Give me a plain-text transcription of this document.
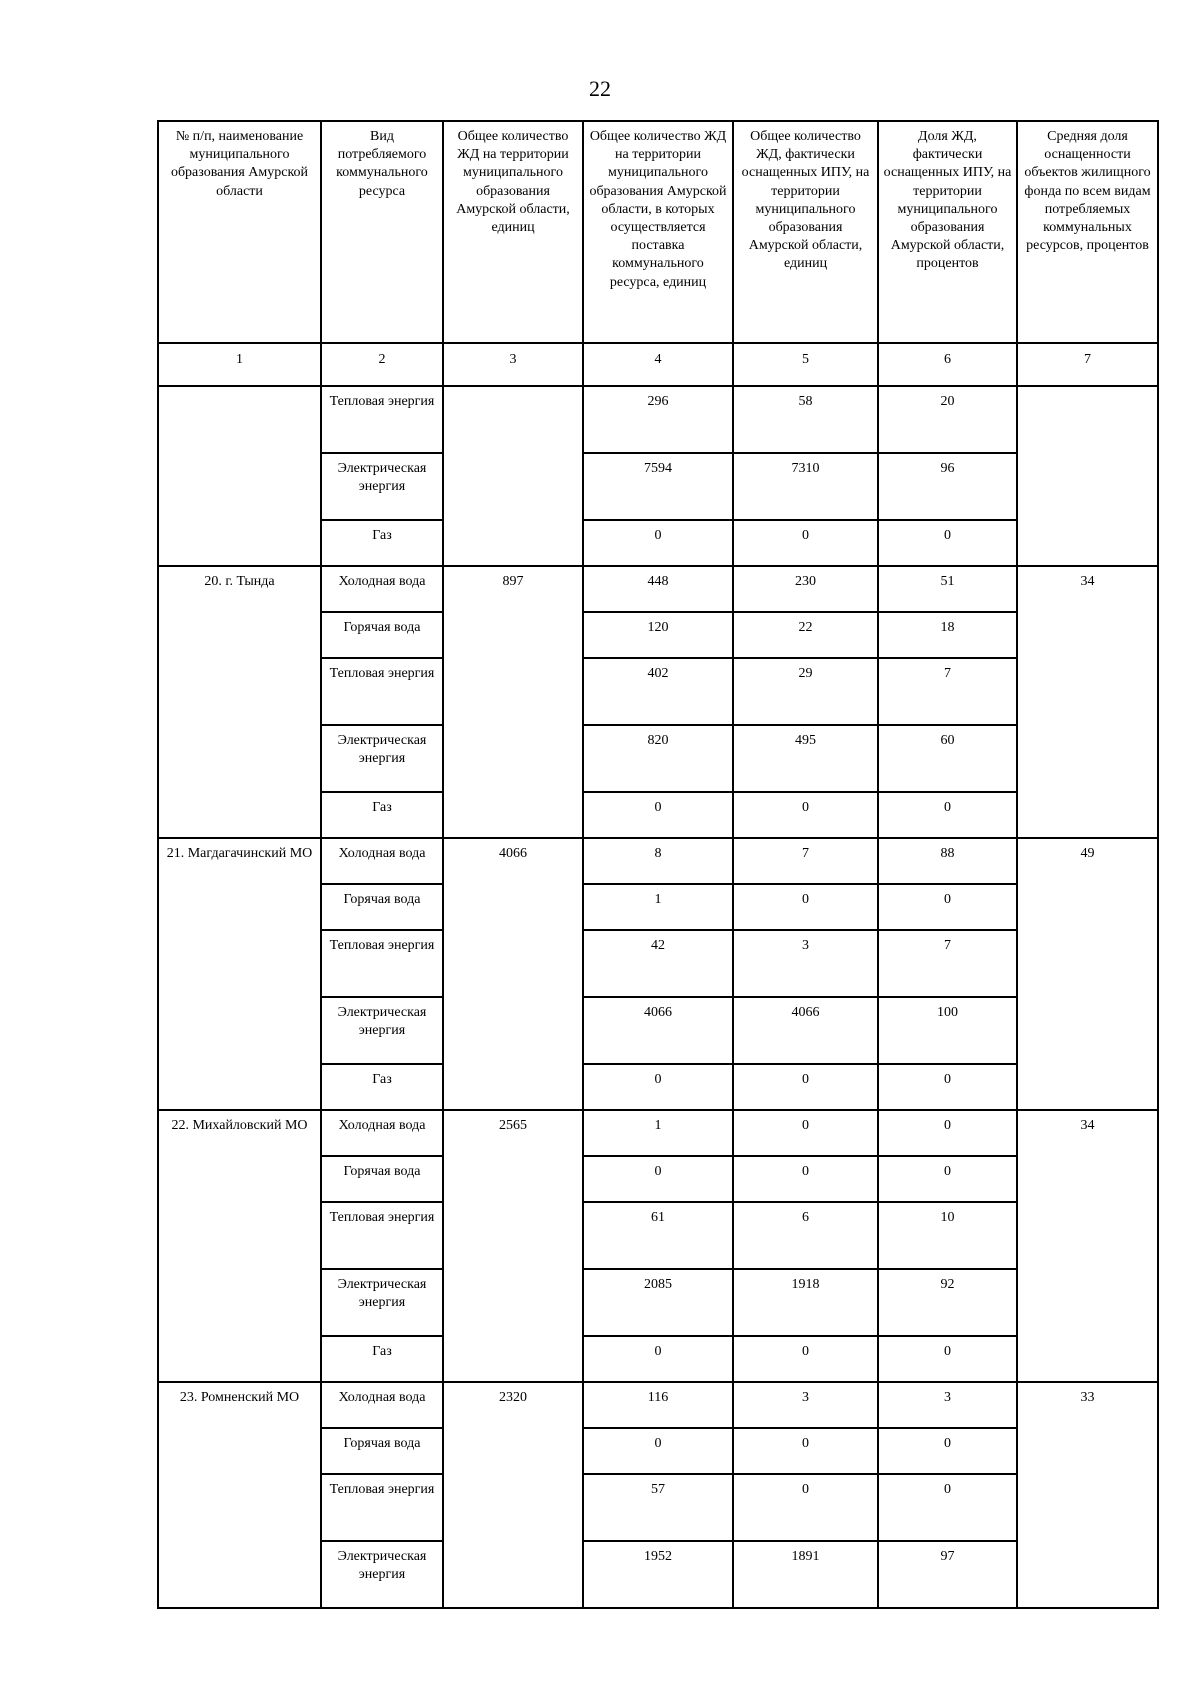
22
№ п/п, наименование муниципального образования Амурской области	Вид потребляемого коммунального ресурса	Общее количество ЖД на территории муниципального образования Амурской области, единиц	Общее количество ЖД на территории муниципального образования Амурской области, в которых осуществляется поставка коммунального ресурса, единиц	Общее количество ЖД, фактически оснащенных ИПУ, на территории муниципального образования Амурской области, единиц	Доля ЖД, фактически оснащенных ИПУ, на территории муниципального образования Амурской области, процентов	Средняя доля оснащенности объектов жилищного фонда по всем видам потребляемых коммунальных ресурсов, процентов
1	2	3	4	5	6	7
	Тепловая энергия		296	58	20	
	Электрическая энергия		7594	7310	96	
	Газ		0	0	0	
20. г. Тында	Холодная вода	897	448	230	51	34
	Горячая вода		120	22	18	
	Тепловая энергия		402	29	7	
	Электрическая энергия		820	495	60	
	Газ		0	0	0	
21. Магдагачинский МО	Холодная вода	4066	8	7	88	49
	Горячая вода		1	0	0	
	Тепловая энергия		42	3	7	
	Электрическая энергия		4066	4066	100	
	Газ		0	0	0	
22. Михайловский МО	Холодная вода	2565	1	0	0	34
	Горячая вода		0	0	0	
	Тепловая энергия		61	6	10	
	Электрическая энергия		2085	1918	92	
	Газ		0	0	0	
23. Ромненский МО	Холодная вода	2320	116	3	3	33
	Горячая вода		0	0	0	
	Тепловая энергия		57	0	0	
	Электрическая энергия		1952	1891	97	
